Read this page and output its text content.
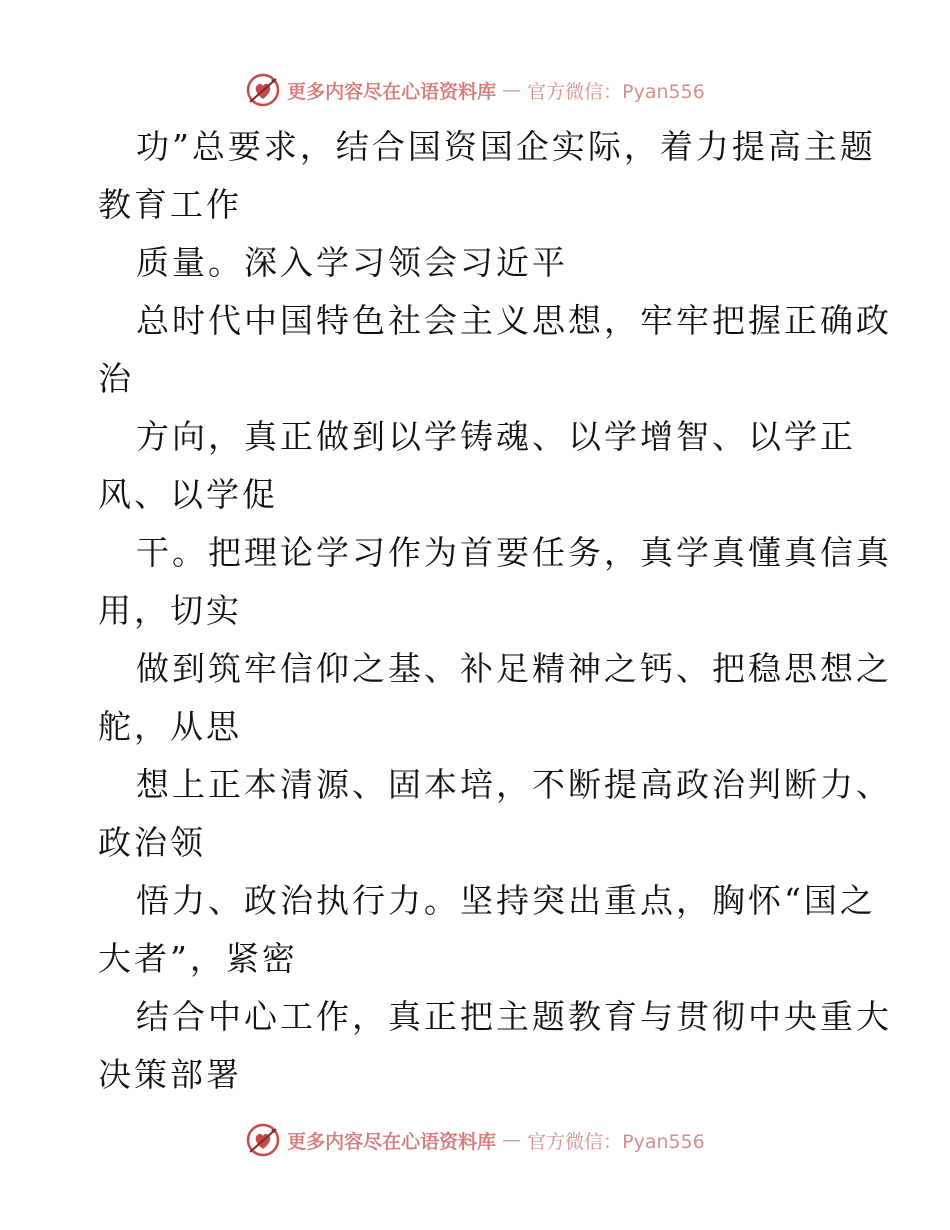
更多内容尽在心语资料库 — 官方微信：Pyan556
功”总要求，结合国资国企实际，着力提高主题
教育工作
质量。深入学习领会习近平
总时代中国特色社会主义思想，牢牢把握正确政
治
方向，真正做到以学铸魂、以学增智、以学正
风、以学促
干。把理论学习作为首要任务，真学真懂真信真
用，切实
做到筑牢信仰之基、补足精神之钙、把稳思想之
舵，从思
想上正本清源、固本培，不断提高政治判断力、
政治领
悟力、政治执行力。坚持突出重点，胸怀“国之
大者”，紧密
结合中心工作，真正把主题教育与贯彻中央重大
决策部署
更多内容尽在心语资料库 — 官方微信：Pyan556
